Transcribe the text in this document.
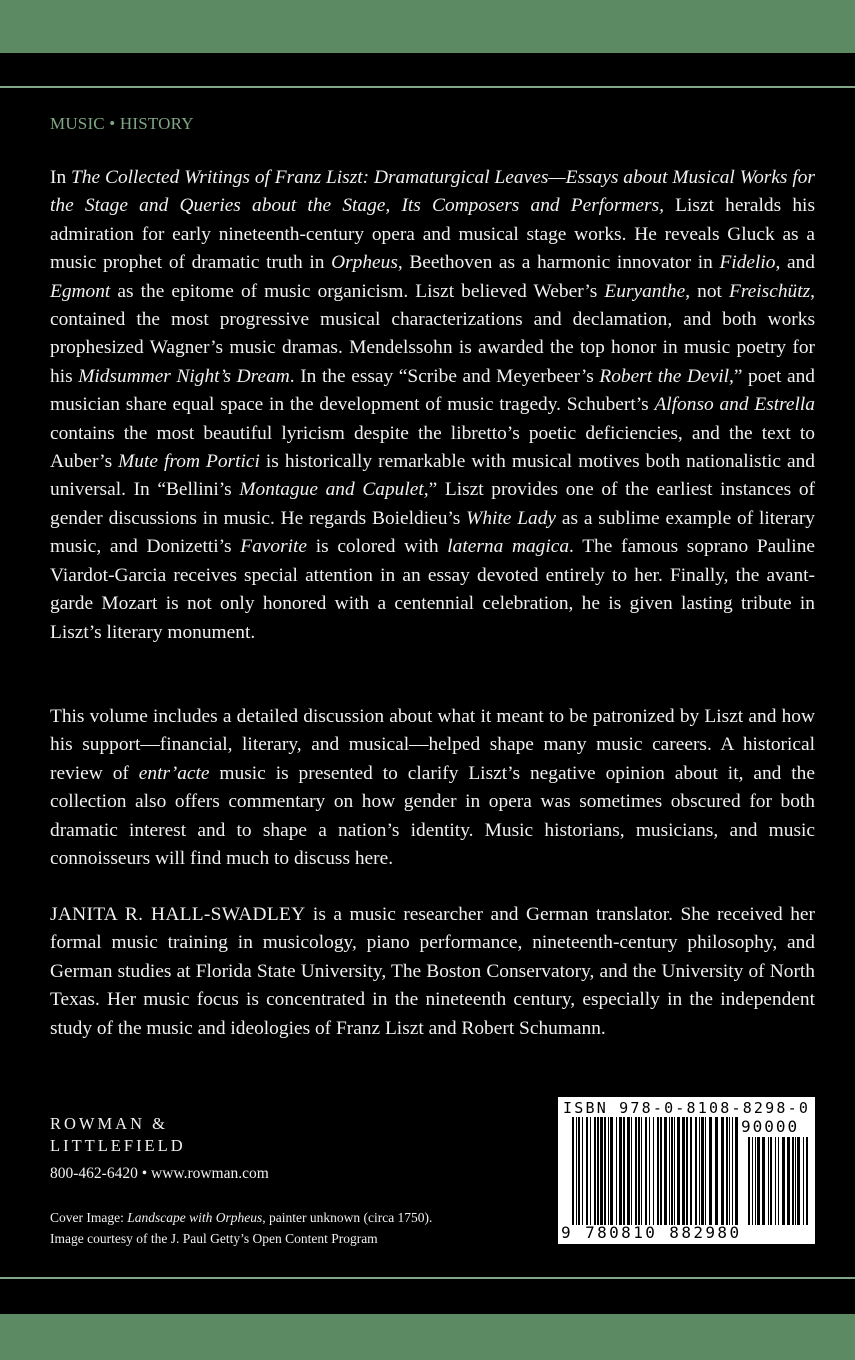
MUSIC • HISTORY

In The Collected Writings of Franz Liszt: Dramaturgical Leaves—Essays about Musical Works for the Stage and Queries about the Stage, Its Composers and Performers, Liszt heralds his admiration for early nineteenth-century opera and musical stage works. He reveals Gluck as a music prophet of dramatic truth in Orpheus, Beethoven as a harmonic innovator in Fidelio, and Egmont as the epitome of music organicism. Liszt believed Weber’s Euryanthe, not Freischütz, contained the most progressive musical characterizations and declamation, and both works prophesized Wagner’s music dramas. Mendelssohn is awarded the top honor in music poetry for his Midsummer Night’s Dream. In the essay “Scribe and Meyerbeer’s Robert the Devil,” poet and musician share equal space in the development of music tragedy. Schubert’s Alfonso and Estrella contains the most beautiful lyricism despite the libretto’s poetic deficiencies, and the text to Auber’s Mute from Portici is historically remarkable with musical motives both nationalistic and universal. In “Bellini’s Montague and Capulet,” Liszt provides one of the earliest instances of gender discussions in music. He regards Boieldieu’s White Lady as a sublime example of literary music, and Donizetti’s Favorite is colored with laterna magica. The famous soprano Pauline Viardot-Garcia receives special attention in an essay devoted entirely to her. Finally, the avant-garde Mozart is not only honored with a centennial celebration, he is given lasting tribute in Liszt’s literary monument.

This volume includes a detailed discussion about what it meant to be patronized by Liszt and how his support—financial, literary, and musical—helped shape many music careers. A historical review of entr’acte music is presented to clarify Liszt’s negative opinion about it, and the collection also offers commentary on how gender in opera was sometimes obscured for both dramatic interest and to shape a nation’s identity. Music historians, musicians, and music connoisseurs will find much to discuss here.

JANITA R. HALL-SWADLEY is a music researcher and German translator. She received her formal music training in musicology, piano performance, nineteenth-century philosophy, and German studies at Florida State University, The Boston Conservatory, and the University of North Texas. Her music focus is concentrated in the nineteenth century, especially in the independent study of the music and ideologies of Franz Liszt and Robert Schumann.

ROWMAN &
LITTLEFIELD
800-462-6420 • www.rowman.com
Cover Image: Landscape with Orpheus, painter unknown (circa 1750).
Image courtesy of the J. Paul Getty’s Open Content Program
ISBN 978-0-8108-8298-0
90000
9 780810 882980
